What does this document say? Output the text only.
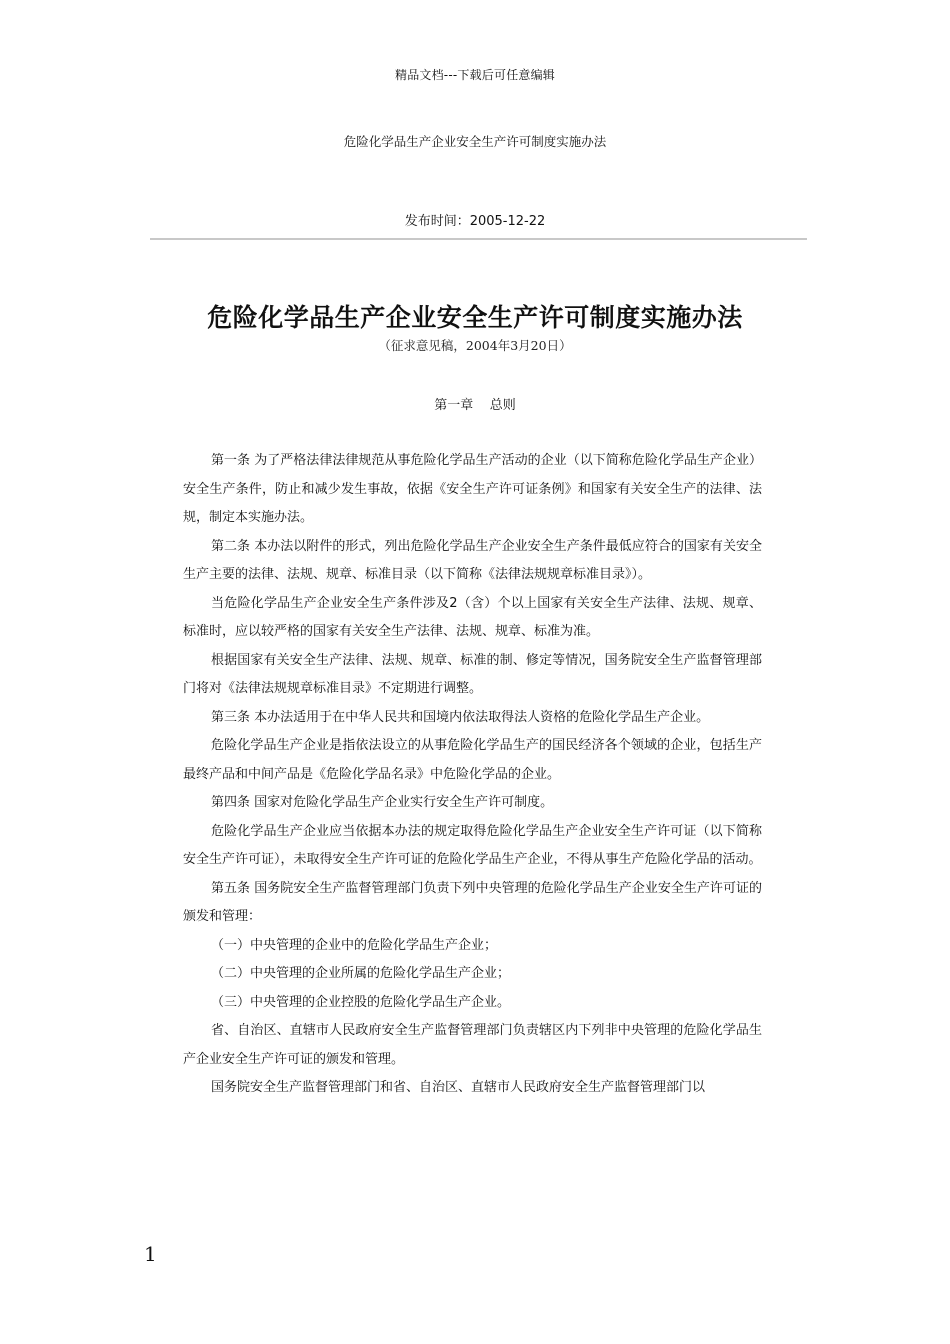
精品文档---下载后可任意编辑
危险化学品生产企业安全生产许可制度实施办法
发布时间：2005-12-22
危险化学品生产企业安全生产许可制度实施办法
（征求意见稿，2004年3月20日）
第一章    总则

第一条 为了严格法律法律规范从事危险化学品生产活动的企业（以下简称危险化学品生产企业）安全生产条件，防止和减少发生事故，依据《安全生产许可证条例》和国家有关安全生产的法律、法规，制定本实施办法。

第二条 本办法以附件的形式，列出危险化学品生产企业安全生产条件最低应符合的国家有关安全生产主要的法律、法规、规章、标准目录（以下简称《法律法规规章标准目录》）。

当危险化学品生产企业安全生产条件涉及2（含）个以上国家有关安全生产法律、法规、规章、标准时，应以较严格的国家有关安全生产法律、法规、规章、标准为准。

根据国家有关安全生产法律、法规、规章、标准的制、修定等情况，国务院安全生产监督管理部门将对《法律法规规章标准目录》不定期进行调整。

第三条 本办法适用于在中华人民共和国境内依法取得法人资格的危险化学品生产企业。

危险化学品生产企业是指依法设立的从事危险化学品生产的国民经济各个领域的企业，包括生产最终产品和中间产品是《危险化学品名录》中危险化学品的企业。

第四条 国家对危险化学品生产企业实行安全生产许可制度。

危险化学品生产企业应当依据本办法的规定取得危险化学品生产企业安全生产许可证（以下简称安全生产许可证），未取得安全生产许可证的危险化学品生产企业，不得从事生产危险化学品的活动。

第五条 国务院安全生产监督管理部门负责下列中央管理的危险化学品生产企业安全生产许可证的颁发和管理：

（一）中央管理的企业中的危险化学品生产企业；

（二）中央管理的企业所属的危险化学品生产企业；

（三）中央管理的企业控股的危险化学品生产企业。

省、自治区、直辖市人民政府安全生产监督管理部门负责辖区内下列非中央管理的危险化学品生产企业安全生产许可证的颁发和管理。

国务院安全生产监督管理部门和省、自治区、直辖市人民政府安全生产监督管理部门以

1
